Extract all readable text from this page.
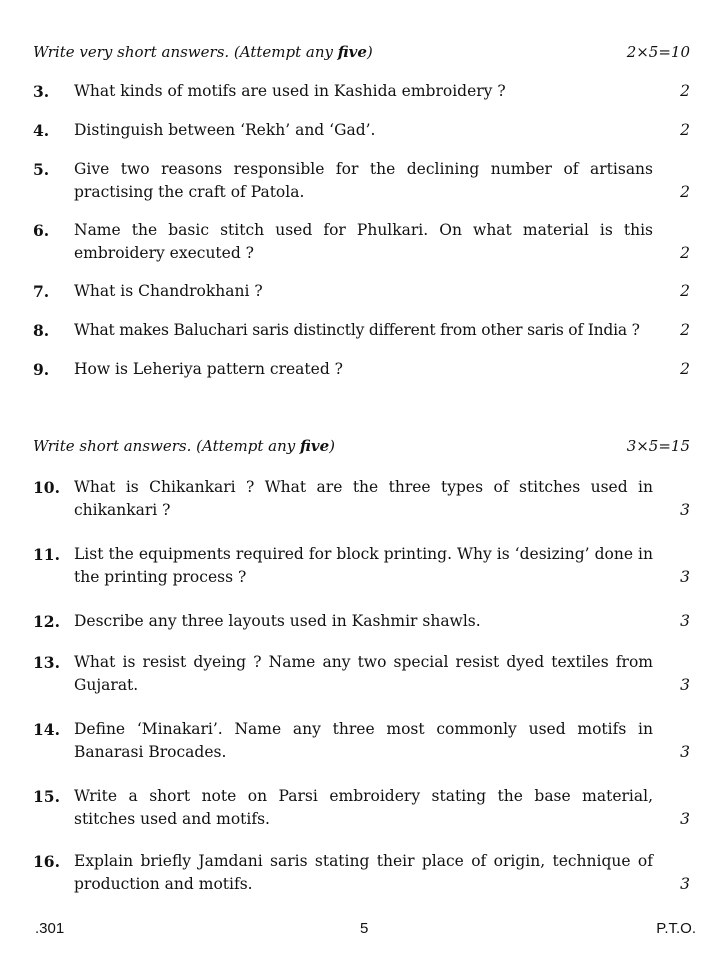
Write very short answers. (Attempt any five)	2×5=10
3. What kinds of motifs are used in Kashida embroidery ?	2
4. Distinguish between ‘Rekh’ and ‘Gad’.	2
5. Give two reasons responsible for the declining number of artisans practising the craft of Patola.	2
6. Name the basic stitch used for Phulkari. On what material is this embroidery executed ?	2
7. What is Chandrokhani ?	2
8. What makes Baluchari saris distinctly different from other saris of India ?	2
9. How is Leheriya pattern created ?	2
Write short answers. (Attempt any five)	3×5=15
10. What is Chikankari ? What are the three types of stitches used in chikankari ?	3
11. List the equipments required for block printing. Why is ‘desizing’ done in the printing process ?	3
12. Describe any three layouts used in Kashmir shawls.	3
13. What is resist dyeing ? Name any two special resist dyed textiles from Gujarat.	3
14. Define ‘Minakari’. Name any three most commonly used motifs in Banarasi Brocades.	3
15. Write a short note on Parsi embroidery stating the base material, stitches used and motifs.	3
16. Explain briefly Jamdani saris stating their place of origin, technique of production and motifs.	3
.301	5	P.T.O.
